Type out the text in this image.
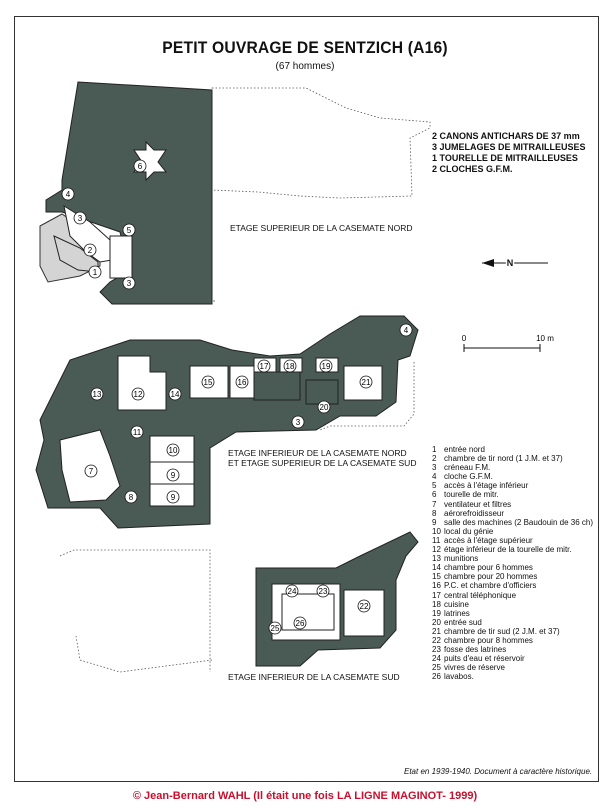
PETIT OUVRAGE DE SENTZICH (A16)
(67 hommes)
2 CANONS ANTICHARS DE 37 mm
3 JUMELAGES DE MITRAILLEUSES
1 TOURELLE DE MITRAILLEUSES
2 CLOCHES G.F.M.
N
0	10 m
6
4
3
5
2
1
3
4
17 18	19
15	16	21
12
13	14
20
3
11
10
9
9
7
8
24	23
22
26
25
ETAGE SUPERIEUR DE LA CASEMATE NORD
ETAGE INFERIEUR DE LA CASEMATE NORD
ET ETAGE SUPERIEUR DE LA CASEMATE SUD
ETAGE INFERIEUR DE LA CASEMATE SUD
1 entrée nord
2 chambre de tir nord (1 J.M. et 37)
3 créneau F.M.
4 cloche G.F.M.
5 accès à l'étage inférieur
6 tourelle de mitr.
7 ventilateur et filtres
8 aérorefroidisseur
9 salle des machines (2 Baudouin de 36 ch)
10 local du génie
11 accès à l'étage supérieur
12 étage inférieur de la tourelle de mitr.
13 munitions
14 chambre pour 6 hommes
15 chambre pour 20 hommes
16 P.C. et chambre d'officiers
17 central téléphonique
18 cuisine
19 latrines
20 entrée sud
21 chambre de tir sud (2 J.M. et 37)
22 chambre pour 8 hommes
23 fosse des latrines
24 puits d'eau et réservoir
25 vivres de réserve
26 lavabos.
Etat en 1939-1940. Document à caractère historique.
© Jean-Bernard WAHL (Il était une fois LA LIGNE MAGINOT- 1999)
